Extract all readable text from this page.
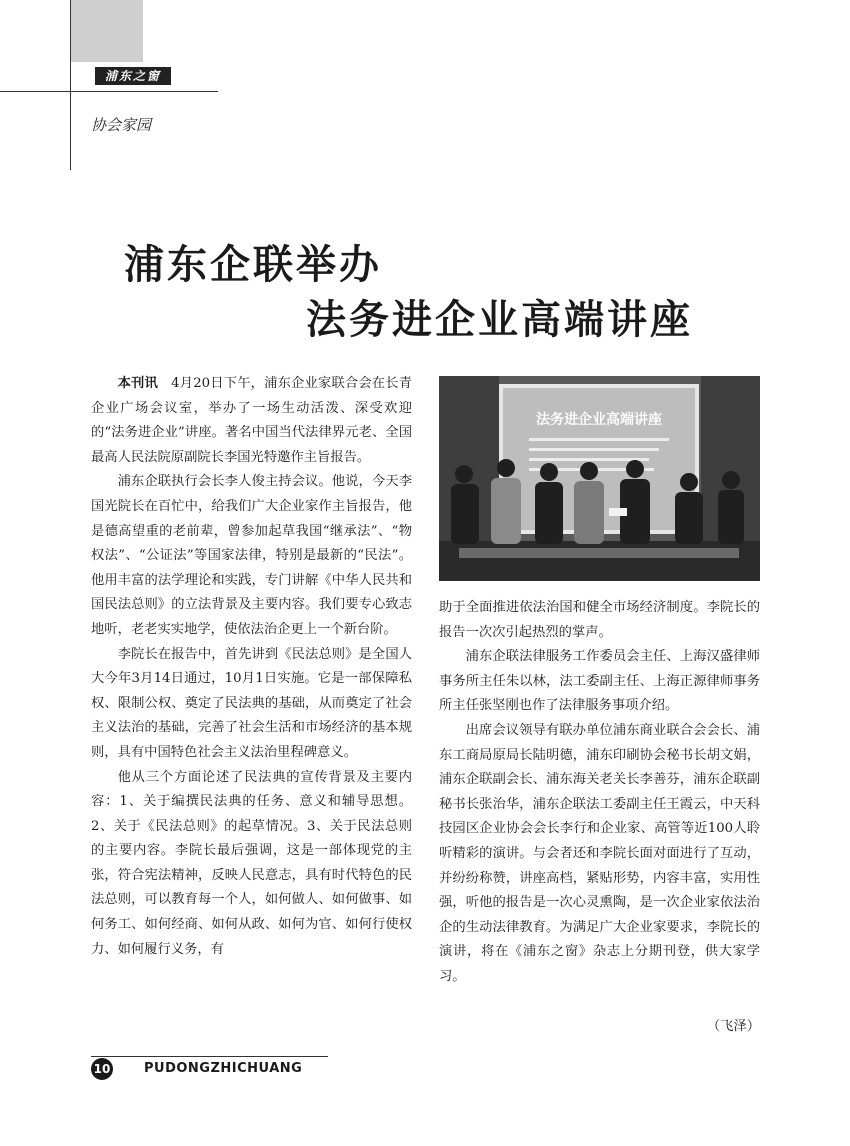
浦东之窗
协会家园
浦东企联举办
法务进企业高端讲座

本刊讯 4月20日下午，浦东企业家联合会在长青企业广场会议室，举办了一场生动活泼、深受欢迎的“法务进企业”讲座。著名中国当代法律界元老、全国最高人民法院原副院长李国光特邀作主旨报告。

浦东企联执行会长李人俊主持会议。他说，今天李国光院长在百忙中，给我们广大企业家作主旨报告，他是德高望重的老前辈，曾参加起草我国“继承法”、“物权法”、“公证法”等国家法律，特别是最新的“民法”。他用丰富的法学理论和实践，专门讲解《中华人民共和国民法总则》的立法背景及主要内容。我们要专心致志地听，老老实实地学，使依法治企更上一个新台阶。

李院长在报告中，首先讲到《民法总则》是全国人大今年3月14日通过，10月1日实施。它是一部保障私权、限制公权、奠定了民法典的基础，从而奠定了社会主义法治的基础，完善了社会生活和市场经济的基本规则，具有中国特色社会主义法治里程碑意义。

他从三个方面论述了民法典的宣传背景及主要内容：1、关于编撰民法典的任务、意义和辅导思想。2、关于《民法总则》的起草情况。3、关于民法总则的主要内容。李院长最后强调，这是一部体现党的主张，符合宪法精神，反映人民意志，具有时代特色的民法总则，可以教育每一个人，如何做人、如何做事、如何务工、如何经商、如何从政、如何为官、如何行使权力、如何履行义务，有

法务进企业高端讲座

助于全面推进依法治国和健全市场经济制度。李院长的报告一次次引起热烈的掌声。

浦东企联法律服务工作委员会主任、上海汉盛律师事务所主任朱以林，法工委副主任、上海正源律师事务所主任张坚刚也作了法律服务事项介绍。

出席会议领导有联办单位浦东商业联合会会长、浦东工商局原局长陆明德，浦东印刷协会秘书长胡文娟，浦东企联副会长、浦东海关老关长李善芬，浦东企联副秘书长张治华，浦东企联法工委副主任王霞云，中天科技园区企业协会会长李行和企业家、高管等近100人聆听精彩的演讲。与会者还和李院长面对面进行了互动，并纷纷称赞，讲座高档，紧贴形势，内容丰富，实用性强，听他的报告是一次心灵熏陶，是一次企业家依法治企的生动法律教育。为满足广大企业家要求，李院长的演讲，将在《浦东之窗》杂志上分期刊登，供大家学习。

（飞泽）
10	PUDONGZHICHUANG
